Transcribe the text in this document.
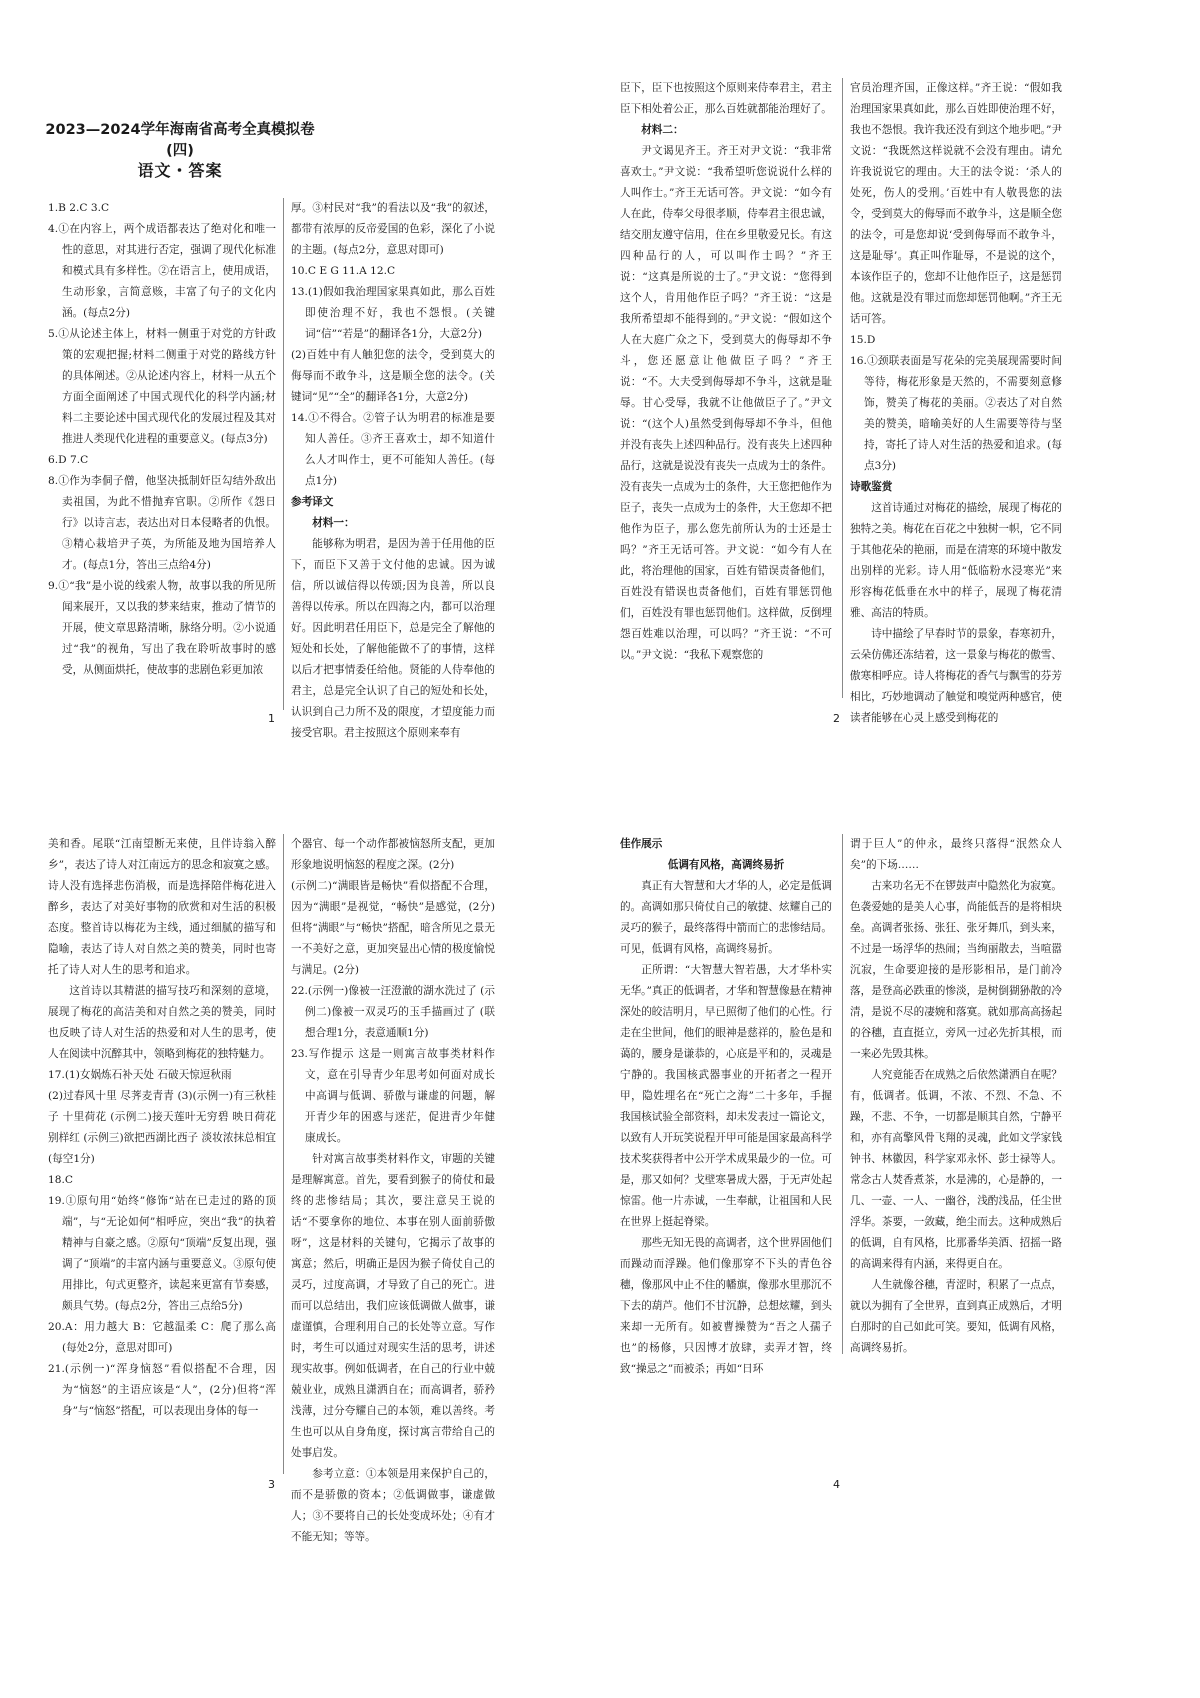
2023—2024学年海南省高考全真模拟卷(四)
语文・答案

1.B 2.C 3.C

4.①在内容上，两个成语都表达了绝对化和唯一性的意思，对其进行否定，强调了现代化标准和模式具有多样性。②在语言上，使用成语，生动形象，言简意赅，丰富了句子的文化内涵。(每点2分)

5.①从论述主体上，材料一侧重于对党的方针政策的宏观把握;材料二侧重于对党的路线方针的具体阐述。②从论述内容上，材料一从五个方面全面阐述了中国式现代化的科学内涵;材料二主要论述中国式现代化的发展过程及其对推进人类现代化进程的重要意义。(每点3分)

6.D 7.C

8.①作为李侗子僧，他坚决抵制奸臣勾结外敌出卖祖国，为此不惜抛弃官职。②所作《怨日行》以诗言志，表达出对日本侵略者的仇恨。③精心栽培尹子英，为所能及地为国培养人才。(每点1分，答出三点给4分)

9.①“我”是小说的线索人物，故事以我的所见所闻来展开，又以我的梦来结束，推动了情节的开展，使文章思路清晰，脉络分明。②小说通过“我”的视角，写出了我在聆听故事时的感受，从侧面烘托，使故事的悲剧色彩更加浓

厚。③村民对“我”的看法以及“我”的叙述，都带有浓厚的反帝爱国的色彩，深化了小说的主题。(每点2分，意思对即可)

10.C E G 11.A 12.C

13.(1)假如我治理国家果真如此，那么百姓即使治理不好，我也不怨恨。(关键词“信”“若是”的翻译各1分，大意2分)

(2)百姓中有人触犯您的法令，受到莫大的侮辱而不敢争斗，这是顺全您的法令。(关键词“见”“全”的翻译各1分，大意2分)

14.①不得合。②管子认为明君的标准是要知人善任。③齐王喜欢士，却不知道什么人才叫作士，更不可能知人善任。(每点1分)

参考译文

材料一：

能够称为明君，是因为善于任用他的臣下，而臣下又善于文付他的忠诚。因为诚信，所以诚信得以传颂;因为良善，所以良善得以传承。所以在四海之内，都可以治理好。因此明君任用臣下，总是完全了解他的短处和长处，了解他能做不了的事情，这样以后才把事情委任给他。贤能的人侍奉他的君主，总是完全认识了自己的短处和长处，认识到自己力所不及的限度，才望度能力而接受官职。君主按照这个原则来奉有

1

臣下，臣下也按照这个原则来侍奉君主，君主臣下相处着公正，那么百姓就都能治理好了。

材料二：

尹文谒见齐王。齐王对尹文说：“我非常喜欢士。”尹文说：“我希望听您说说什么样的人叫作士。”齐王无话可答。尹文说：“如今有人在此，侍奉父母很孝顺，侍奉君主很忠诚，结交朋友遵守信用，住在乡里敬爱兄长。有这四种品行的人，可以叫作士吗？”齐王说：“这真是所说的士了。”尹文说：“您得到这个人，肯用他作臣子吗？”齐王说：“这是我所希望却不能得到的。”尹文说：“假如这个人在大庭广众之下，受到莫大的侮辱却不争斗，您还愿意让他做臣子吗？”齐王说：“不。大夫受到侮辱却不争斗，这就是耻辱。甘心受辱，我就不让他做臣子了。”尹文说：“(这个人)虽然受到侮辱却不争斗，但他并没有丧失上述四种品行。没有丧失上述四种品行，这就是说没有丧失一点成为士的条件。没有丧失一点成为士的条件，大王您把他作为臣子，丧失一点成为士的条件，大王您却不把他作为臣子，那么您先前所认为的士还是士吗？”齐王无话可答。尹文说：“如今有人在此，将治理他的国家，百姓有错误责备他们，百姓没有错误也责备他们，百姓有罪惩罚他们，百姓没有罪也惩罚他们。这样做，反倒埋怨百姓难以治理，可以吗？”齐王说：“不可以。”尹文说：“我私下观察您的

官员治理齐国，正像这样。”齐王说：“假如我治理国家果真如此，那么百姓即使治理不好，我也不怨恨。我许我还没有到这个地步吧。”尹文说：“我既然这样说就不会没有理由。请允许我说说它的理由。大王的法令说：‘杀人的处死，伤人的受刑。’百姓中有人敬畏您的法令，受到莫大的侮辱而不敢争斗，这是顺全您的法令，可是您却说‘受到侮辱而不敢争斗，这是耻辱’。真正叫作耻辱，不是说的这个，本该作臣子的，您却不让他作臣子，这是惩罚他。这就是没有罪过而您却惩罚他啊。”齐王无话可答。

15.D

16.①颈联表面是写花朵的完美展现需要时间等待，梅花形象是天然的，不需要刻意修饰，赞美了梅花的美丽。②表达了对自然美的赞美，暗喻美好的人生需要等待与坚持，寄托了诗人对生活的热爱和追求。(每点3分)

诗歌鉴赏

这首诗通过对梅花的描绘，展现了梅花的独特之美。梅花在百花之中独树一帜，它不同于其他花朵的艳丽，而是在清寒的环境中散发出别样的光彩。诗人用“低临粉水浸寒光”来形容梅花低垂在水中的样子，展现了梅花清雅、高洁的特质。

诗中描绘了早春时节的景象，春寒初升，云朵仿佛还冻结着，这一景象与梅花的傲雪、傲寒相呼应。诗人将梅花的香气与飘雪的芬芳相比，巧妙地调动了触觉和嗅觉两种感官，使读者能够在心灵上感受到梅花的

2

美和香。尾联“江南望断无来使，且伴诗翁入醉乡”，表达了诗人对江南远方的思念和寂寞之感。诗人没有选择悲伤消极，而是选择陪伴梅花进入醉乡，表达了对美好事物的欣赏和对生活的积极态度。整首诗以梅花为主线，通过细腻的描写和隐喻，表达了诗人对自然之美的赞美，同时也寄托了诗人对人生的思考和追求。

这首诗以其精湛的描写技巧和深刻的意境，展现了梅花的高洁美和对自然之美的赞美，同时也反映了诗人对生活的热爱和对人生的思考，使人在阅读中沉醉其中，领略到梅花的独特魅力。

17.(1)女娲炼石补天处 石破天惊逗秋雨

(2)过春风十里 尽荠麦青青 (3)(示例一)有三秋桂子 十里荷花 (示例二)接天莲叶无穷碧 映日荷花别样红 (示例三)欲把西湖比西子 淡妆浓抹总相宜 (每空1分)

18.C

19.①原句用“始终”修饰“站在已走过的路的顶端”，与“无论如何”相呼应，突出“我”的执着精神与自豪之感。②原句“顶端”反复出现，强调了“顶端”的丰富内涵与重要意义。③原句使用排比，句式更整齐，读起来更富有节奏感，颇具气势。(每点2分，答出三点给5分)

20.A：用力越大 B：它越温柔 C：爬了那么高(每处2分，意思对即可)

21.(示例一)“浑身恼怒”看似搭配不合理，因为“恼怒”的主语应该是“人”，(2分)但将“浑身”与“恼怒”搭配，可以表现出身体的每一

个器官、每一个动作都被恼怒所支配，更加形象地说明恼怒的程度之深。(2分)

(示例二)“满眼皆是畅快”看似搭配不合理，因为“满眼”是视觉，“畅快”是感觉，(2分)但将“满眼”与“畅快”搭配，暗含所见之景无一不美好之意，更加突显出心情的极度愉悦与满足。(2分)

22.(示例一)像被一汪澄澈的湖水洗过了 (示例二)像被一双灵巧的玉手描画过了 (联想合理1分，表意通顺1分)

23.写作提示 这是一则寓言故事类材料作文，意在引导青少年思考如何面对成长中高调与低调、骄傲与谦虚的问题，解开青少年的困惑与迷茫，促进青少年健康成长。

针对寓言故事类材料作文，审题的关键是理解寓意。首先，要看到猴子的倚仗和最终的悲惨结局；其次，要注意吴王说的话“不要拿你的地位、本事在别人面前骄傲呀”，这是材料的关键句，它揭示了故事的寓意；然后，明确正是因为猴子倚仗自己的灵巧，过度高调，才导致了自己的死亡。进而可以总结出，我们应该低调做人做事，谦虚谨慎，合理利用自己的长处等立意。写作时，考生可以通过对现实生活的思考，讲述现实故事。例如低调者，在自己的行业中兢兢业业，成熟且潇洒自在；而高调者，骄矜浅薄，过分夸耀自己的本领，难以善终。考生也可以从自身角度，探讨寓言带给自己的处事启发。

参考立意：①本领是用来保护自己的，而不是骄傲的资本；②低调做事，谦虚做人；③不要将自己的长处变成坏处；④有才不能无知；等等。

3

佳作展示

低调有风格，高调终易折

真正有大智慧和大才华的人，必定是低调的。高调如那只倚仗自己的敏捷、炫耀自己的灵巧的猴子，最终落得中箭而亡的悲惨结局。可见，低调有风格，高调终易折。

正所谓：“大智慧大智若愚，大才华朴实无华。”真正的低调者，才华和智慧像悬在精神深处的皎洁明月，早已照彻了他们的心性。行走在尘世间，他们的眼神是慈祥的，脸色是和蔼的，腰身是谦恭的，心底是平和的，灵魂是宁静的。我国核武器事业的开拓者之一程开甲，隐姓埋名在“死亡之海”二十多年，手握我国核试验全部资料，却未发表过一篇论文，以致有人开玩笑说程开甲可能是国家最高科学技术奖获得者中公开学术成果最少的一位。可是，那又如何？戈壁寒暑成大器，于无声处起惊雷。他一片赤诚，一生奉献，让祖国和人民在世界上挺起脊梁。

那些无知无畏的高调者，这个世界固他们而躁动而浮躁。他们像那穿不下头的青色谷穗，像那风中止不住的幡旗，像那水里那沉不下去的葫芦。他们不甘沉静，总想炫耀，到头来却一无所有。如被曹操赞为“吾之人孺子也”的杨修，只因博才放肆，卖弄才智，终致“操忌之”而被杀；再如“日环

谓于巨人”的仲永，最终只落得“泯然众人矣”的下场……

古来功名无不在锣鼓声中隐然化为寂寞。色袭爱她的是美人心事，尚能低吾的是将相块垒。高调者张扬、张狂、张牙舞爪，到头来，不过是一场浮华的热闹；当绚丽散去，当喧嚣沉寂，生命要迎接的是形影相吊，是门前冷落，是登高必跌重的惨淡，是树倒猢狲散的冷清，是说不尽的凄婉和落寞。就如那高高扬起的谷穗，直直挺立，旁风一过必先折其根，而一来必先毁其株。

人究竟能否在成熟之后依然潇洒自在呢？有，低调者。低调，不浓、不烈、不急、不躁，不悲、不争，一切都是顺其自然，宁静平和，亦有高擎风骨飞翔的灵魂，此如文学家钱钟书、林徽因，科学家邓永怀、彭士禄等人。常念古人焚香煮茶，水是沸的，心是静的，一几、一壶、一人、一幽谷，浅酌浅品，任尘世浮华。茶要，一敛藏，绝尘而去。这种成熟后的低调，自有风格，比那番华美酒、招摇一路的高调来得有内涵，来得更自在。

人生就像谷穗，青涩时，积累了一点点，就以为拥有了全世界，直到真正成熟后，才明白那时的自己如此可笑。要知，低调有风格，高调终易折。

4
